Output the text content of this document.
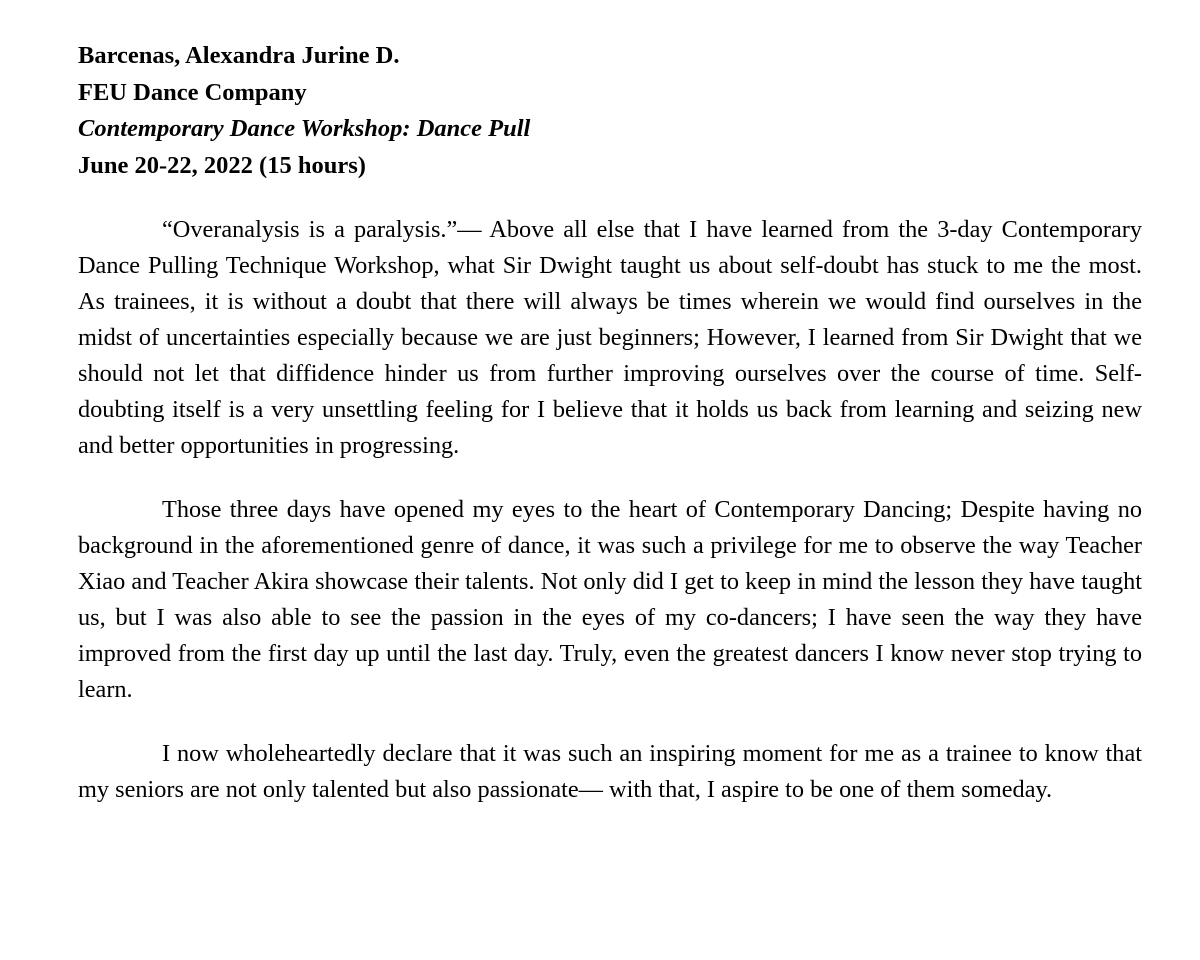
Barcenas, Alexandra Jurine D.
FEU Dance Company
Contemporary Dance Workshop: Dance Pull
June 20-22, 2022 (15 hours)

“Overanalysis is a paralysis.”— Above all else that I have learned from the 3-day Contemporary Dance Pulling Technique Workshop, what Sir Dwight taught us about self-doubt has stuck to me the most. As trainees, it is without a doubt that there will always be times wherein we would find ourselves in the midst of uncertainties especially because we are just beginners; However, I learned from Sir Dwight that we should not let that diffidence hinder us from further improving ourselves over the course of time. Self-doubting itself is a very unsettling feeling for I believe that it holds us back from learning and seizing new and better opportunities in progressing.

Those three days have opened my eyes to the heart of Contemporary Dancing; Despite having no background in the aforementioned genre of dance, it was such a privilege for me to observe the way Teacher Xiao and Teacher Akira showcase their talents. Not only did I get to keep in mind the lesson they have taught us, but I was also able to see the passion in the eyes of my co-dancers; I have seen the way they have improved from the first day up until the last day. Truly, even the greatest dancers I know never stop trying to learn.

I now wholeheartedly declare that it was such an inspiring moment for me as a trainee to know that my seniors are not only talented but also passionate— with that, I aspire to be one of them someday.
